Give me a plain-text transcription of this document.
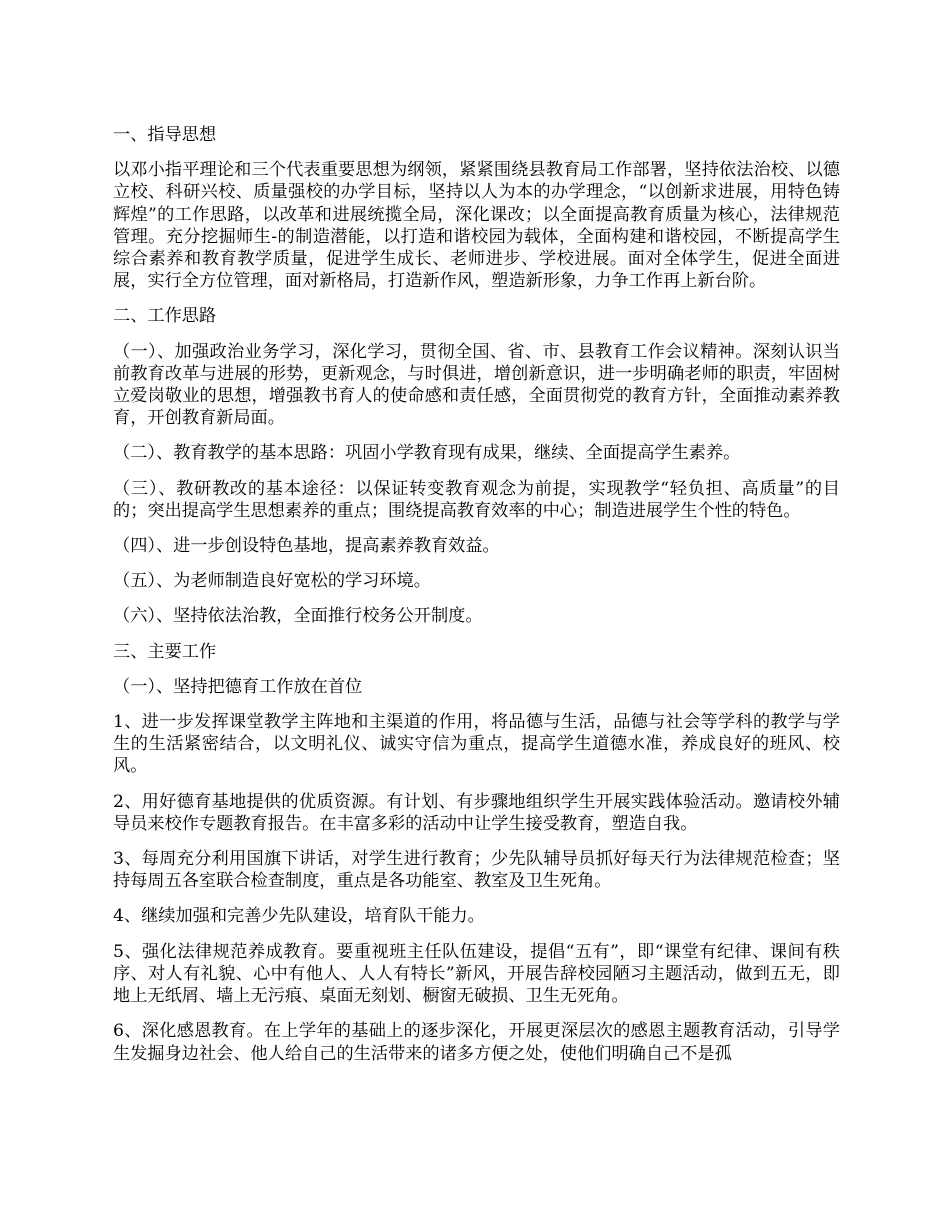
一、指导思想
以邓小指平理论和三个代表重要思想为纲领，紧紧围绕县教育局工作部署，坚持依法治校、以德立校、科研兴校、质量强校的办学目标，坚持以人为本的办学理念，“以创新求进展，用特色铸辉煌”的工作思路，以改革和进展统揽全局，深化课改；以全面提高教育质量为核心，法律规范管理。充分挖掘师生-的制造潜能，以打造和谐校园为载体，全面构建和谐校园，不断提高学生综合素养和教育教学质量，促进学生成长、老师进步、学校进展。面对全体学生，促进全面进展，实行全方位管理，面对新格局，打造新作风，塑造新形象，力争工作再上新台阶。
二、工作思路
（一）、加强政治业务学习，深化学习，贯彻全国、省、市、县教育工作会议精神。深刻认识当前教育改革与进展的形势，更新观念，与时俱进，增创新意识，进一步明确老师的职责，牢固树立爱岗敬业的思想，增强教书育人的使命感和责任感，全面贯彻党的教育方针，全面推动素养教育，开创教育新局面。
（二）、教育教学的基本思路：巩固小学教育现有成果，继续、全面提高学生素养。
（三）、教研教改的基本途径：以保证转变教育观念为前提，实现教学“轻负担、高质量”的目的；突出提高学生思想素养的重点；围绕提高教育效率的中心；制造进展学生个性的特色。
（四）、进一步创设特色基地，提高素养教育效益。
（五）、为老师制造良好宽松的学习环境。
（六）、坚持依法治教，全面推行校务公开制度。
三、主要工作
（一）、坚持把德育工作放在首位
1、进一步发挥课堂教学主阵地和主渠道的作用，将品德与生活，品德与社会等学科的教学与学生的生活紧密结合，以文明礼仪、诚实守信为重点，提高学生道德水准，养成良好的班风、校风。
2、用好德育基地提供的优质资源。有计划、有步骤地组织学生开展实践体验活动。邀请校外辅导员来校作专题教育报告。在丰富多彩的活动中让学生接受教育，塑造自我。
3、每周充分利用国旗下讲话，对学生进行教育；少先队辅导员抓好每天行为法律规范检查；坚持每周五各室联合检查制度，重点是各功能室、教室及卫生死角。
4、继续加强和完善少先队建设，培育队干能力。
5、强化法律规范养成教育。要重视班主任队伍建设，提倡“五有”，即“课堂有纪律、课间有秩序、对人有礼貌、心中有他人、人人有特长”新风，开展告辞校园陋习主题活动，做到五无，即地上无纸屑、墙上无污痕、桌面无刻划、橱窗无破损、卫生无死角。
6、深化感恩教育。在上学年的基础上的逐步深化，开展更深层次的感恩主题教育活动，引导学生发掘身边社会、他人给自己的生活带来的诸多方便之处，使他们明确自己不是孤
